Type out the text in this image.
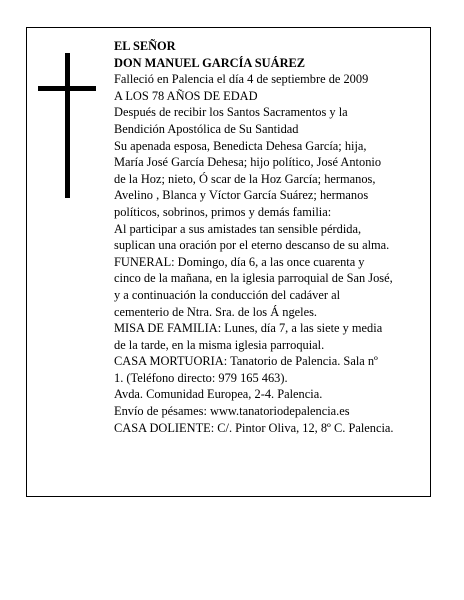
EL SEÑOR
DON MANUEL GARCÍA SUÁREZ
Falleció en Palencia el día 4 de septiembre de 2009
A LOS 78 AÑOS DE EDAD
Después de recibir los Santos Sacramentos y la
Bendición Apostólica de Su Santidad
Su apenada esposa, Benedicta Dehesa García; hija,
María José García Dehesa; hijo político, José Antonio
de la Hoz; nieto, Ó scar de la Hoz García; hermanos,
Avelino , Blanca y Víctor García Suárez; hermanos
políticos, sobrinos, primos y demás familia:
Al participar a sus amistades tan sensible pérdida,
suplican una oración por el eterno descanso de su alma.
FUNERAL: Domingo, día 6, a las once cuarenta y
cinco de la mañana, en la iglesia parroquial de San José,
y a continuación la conducción del cadáver al
cementerio de Ntra. Sra. de los Á ngeles.
MISA DE FAMILIA: Lunes, día 7, a las siete y media
de la tarde, en la misma iglesia parroquial.
CASA MORTUORIA: Tanatorio de Palencia. Sala nº
1. (Teléfono directo: 979 165 463).
Avda. Comunidad Europea, 2-4. Palencia.
Envío de pésames: www.tanatoriodepalencia.es
CASA DOLIENTE: C/. Pintor Oliva, 12, 8º C. Palencia.
